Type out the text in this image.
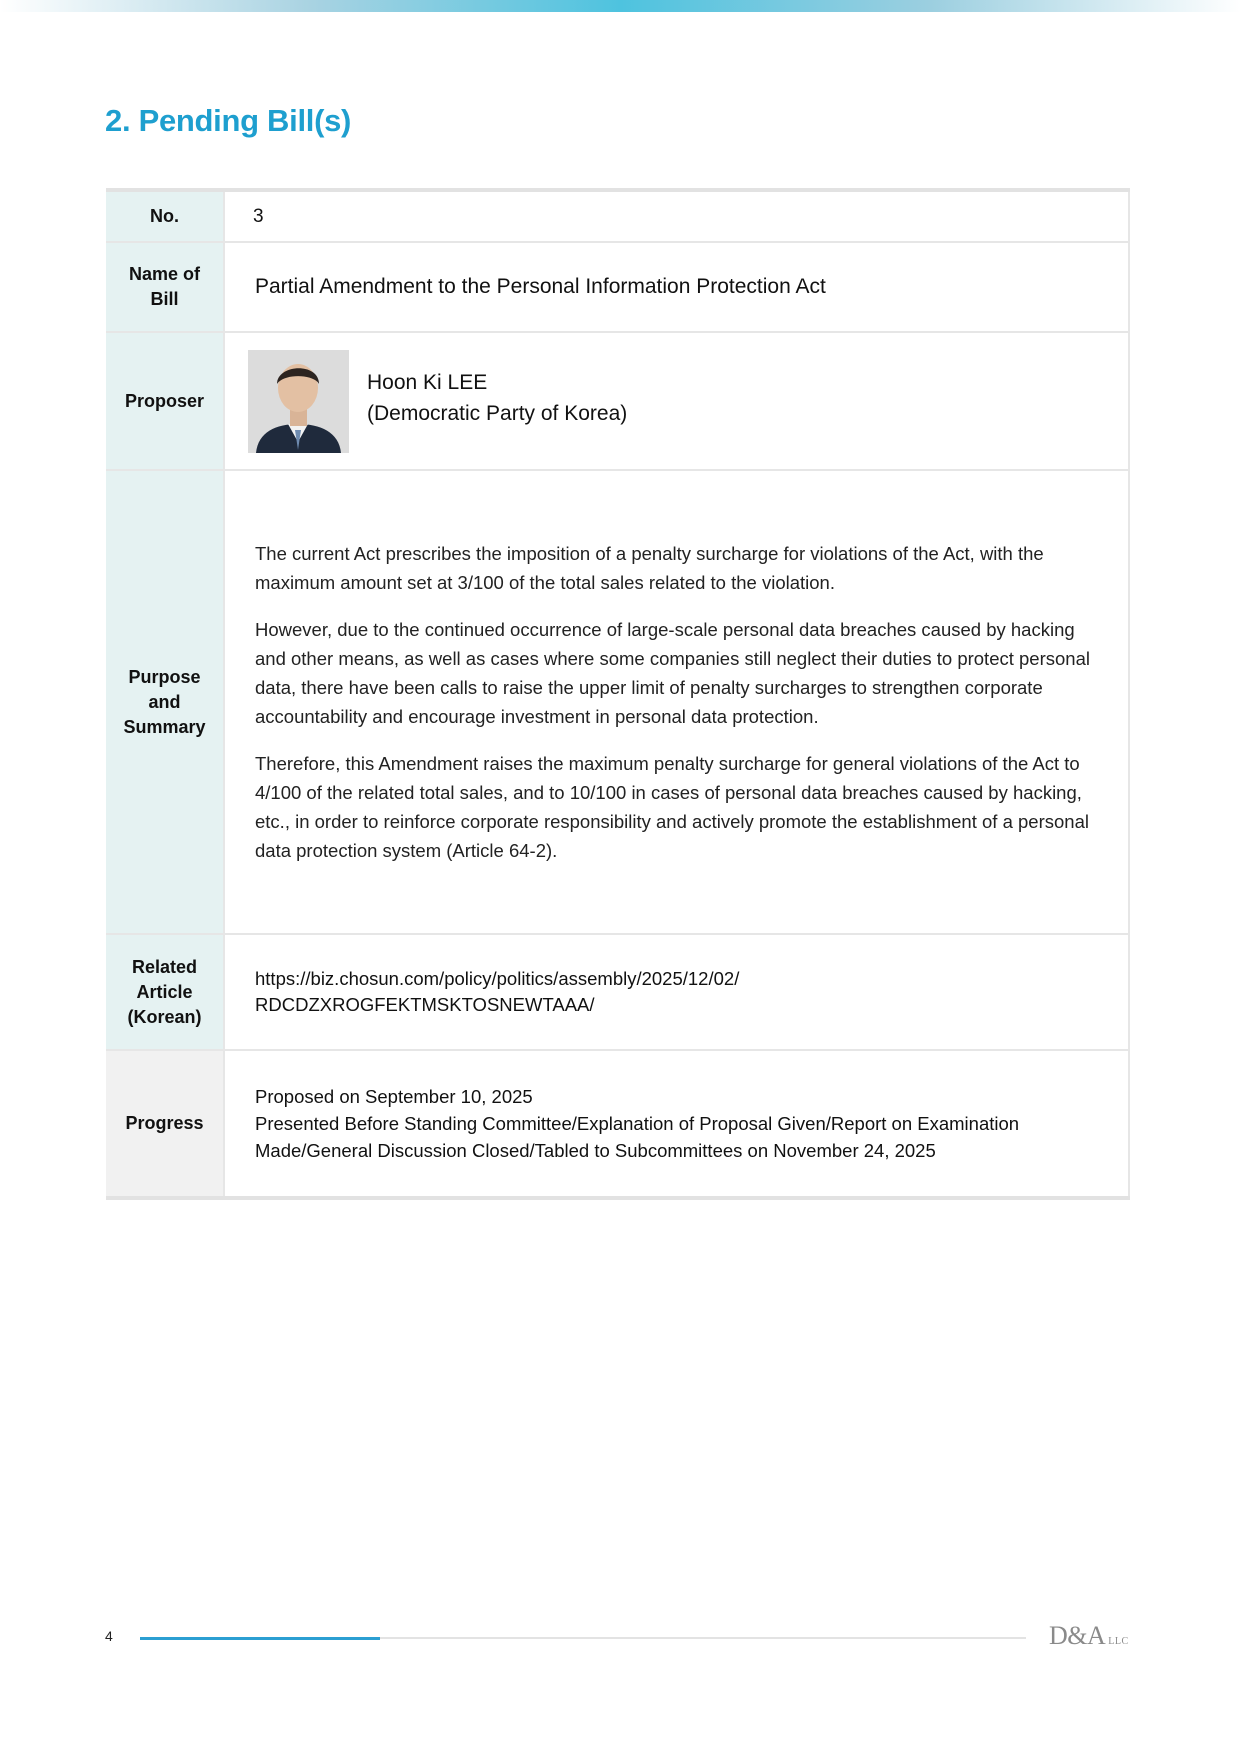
2. Pending Bill(s)
No.	3
Name of Bill	Partial Amendment to the Personal Information Protection Act
Proposer	Hoon Ki LEE
(Democratic Party of Korea)

Purpose and Summary	The current Act prescribes the imposition of a penalty surcharge for violations of the Act, with the maximum amount set at 3/100 of the total sales related to the violation.

However, due to the continued occurrence of large-scale personal data breaches caused by hacking and other means, as well as cases where some companies still neglect their duties to protect personal data, there have been calls to raise the upper limit of penalty surcharges to strengthen corporate accountability and encourage investment in personal data protection.

Therefore, this Amendment raises the maximum penalty surcharge for general violations of the Act to 4/100 of the related total sales, and to 10/100 in cases of personal data breaches caused by hacking, etc., in order to reinforce corporate responsibility and actively promote the establishment of a personal data protection system (Article 64-2).

Related Article (Korean)	https://biz.chosun.com/policy/politics/assembly/2025/12/02/
RDCDZXROGFEKTMSKTOSNEWTAAA/

Progress	Proposed on September 10, 2025
Presented Before Standing Committee/Explanation of Proposal Given/Report on Examination Made/General Discussion Closed/Tabled to Subcommittees on November 24, 2025
4	D&A LLC
